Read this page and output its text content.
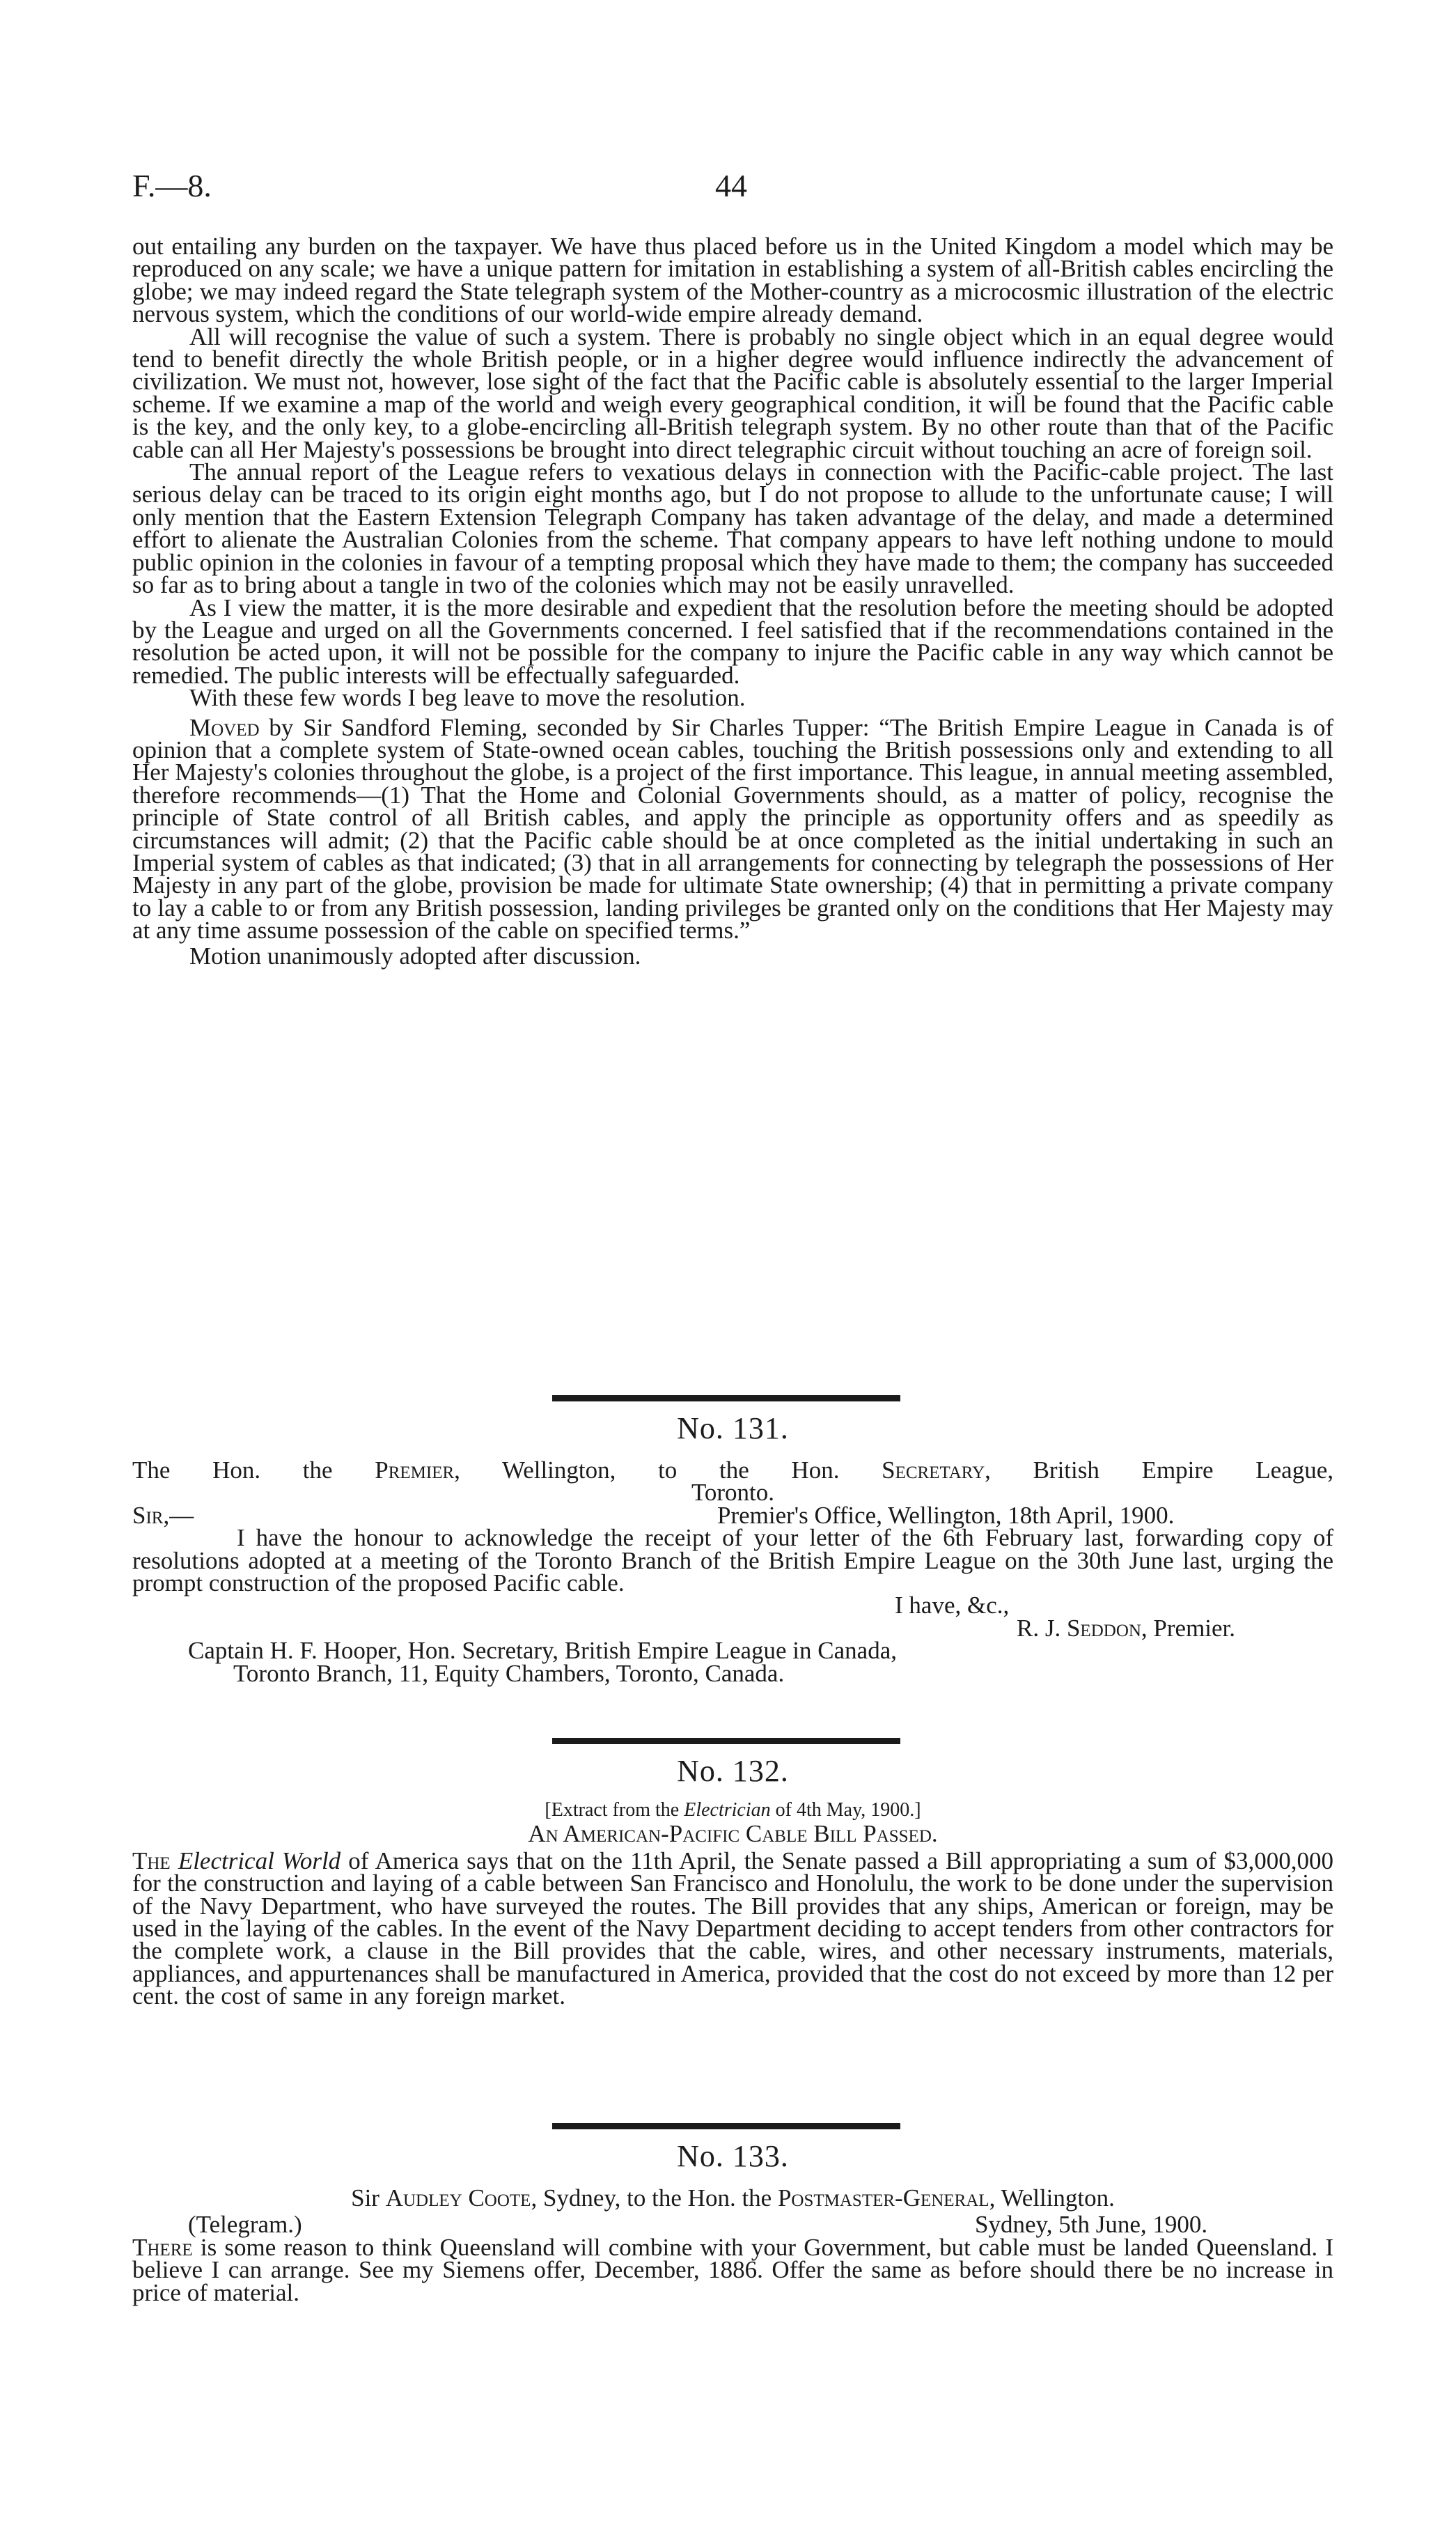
F.—8.	44

out entailing any burden on the taxpayer. We have thus placed before us in the United Kingdom a model which may be reproduced on any scale; we have a unique pattern for imitation in establishing a system of all-British cables encircling the globe; we may indeed regard the State telegraph system of the Mother-country as a microcosmic illustration of the electric nervous system, which the conditions of our world-wide empire already demand.

All will recognise the value of such a system. There is probably no single object which in an equal degree would tend to benefit directly the whole British people, or in a higher degree would influence indirectly the advancement of civilization. We must not, however, lose sight of the fact that the Pacific cable is absolutely essential to the larger Imperial scheme. If we examine a map of the world and weigh every geographical condition, it will be found that the Pacific cable is the key, and the only key, to a globe-encircling all-British telegraph system. By no other route than that of the Pacific cable can all Her Majesty's possessions be brought into direct telegraphic circuit without touching an acre of foreign soil.

The annual report of the League refers to vexatious delays in connection with the Pacific-cable project. The last serious delay can be traced to its origin eight months ago, but I do not propose to allude to the unfortunate cause; I will only mention that the Eastern Extension Telegraph Company has taken advantage of the delay, and made a determined effort to alienate the Australian Colonies from the scheme. That company appears to have left nothing undone to mould public opinion in the colonies in favour of a tempting proposal which they have made to them; the company has succeeded so far as to bring about a tangle in two of the colonies which may not be easily unravelled.

As I view the matter, it is the more desirable and expedient that the resolution before the meeting should be adopted by the League and urged on all the Governments concerned. I feel satisfied that if the recommendations contained in the resolution be acted upon, it will not be possible for the company to injure the Pacific cable in any way which cannot be remedied. The public interests will be effectually safeguarded.

With these few words I beg leave to move the resolution.

Moved by Sir Sandford Fleming, seconded by Sir Charles Tupper: “The British Empire League in Canada is of opinion that a complete system of State-owned ocean cables, touching the British possessions only and extending to all Her Majesty's colonies throughout the globe, is a project of the first importance. This league, in annual meeting assembled, therefore recommends—(1) That the Home and Colonial Governments should, as a matter of policy, recognise the principle of State control of all British cables, and apply the principle as opportunity offers and as speedily as circumstances will admit; (2) that the Pacific cable should be at once completed as the initial undertaking in such an Imperial system of cables as that indicated; (3) that in all arrangements for connecting by telegraph the possessions of Her Majesty in any part of the globe, provision be made for ultimate State ownership; (4) that in permitting a private company to lay a cable to or from any British possession, landing privileges be granted only on the conditions that Her Majesty may at any time assume possession of the cable on specified terms.”

Motion unanimously adopted after discussion.

No. 131.

The Hon. the Premier, Wellington, to the Hon. Secretary, British Empire League,

Toronto.

Sir,—	Premier's Office, Wellington, 18th April, 1900.

I have the honour to acknowledge the receipt of your letter of the 6th February last, forwarding copy of resolutions adopted at a meeting of the Toronto Branch of the British Empire League on the 30th June last, urging the prompt construction of the proposed Pacific cable.

I have, &c.,
R. J. Seddon, Premier.

Captain H. F. Hooper, Hon. Secretary, British Empire League in Canada,

Toronto Branch, 11, Equity Chambers, Toronto, Canada.

No. 132.

[Extract from the Electrician of 4th May, 1900.]

An American-Pacific Cable Bill Passed.

The Electrical World of America says that on the 11th April, the Senate passed a Bill appropriating a sum of $3,000,000 for the construction and laying of a cable between San Francisco and Honolulu, the work to be done under the supervision of the Navy Department, who have surveyed the routes. The Bill provides that any ships, American or foreign, may be used in the laying of the cables. In the event of the Navy Department deciding to accept tenders from other contractors for the complete work, a clause in the Bill provides that the cable, wires, and other necessary instruments, materials, appliances, and appurtenances shall be manufactured in America, provided that the cost do not exceed by more than 12 per cent. the cost of same in any foreign market.

No. 133.

Sir Audley Coote, Sydney, to the Hon. the Postmaster-General, Wellington.

(Telegram.)	Sydney, 5th June, 1900.

There is some reason to think Queensland will combine with your Government, but cable must be landed Queensland. I believe I can arrange. See my Siemens offer, December, 1886. Offer the same as before should there be no increase in price of material.
